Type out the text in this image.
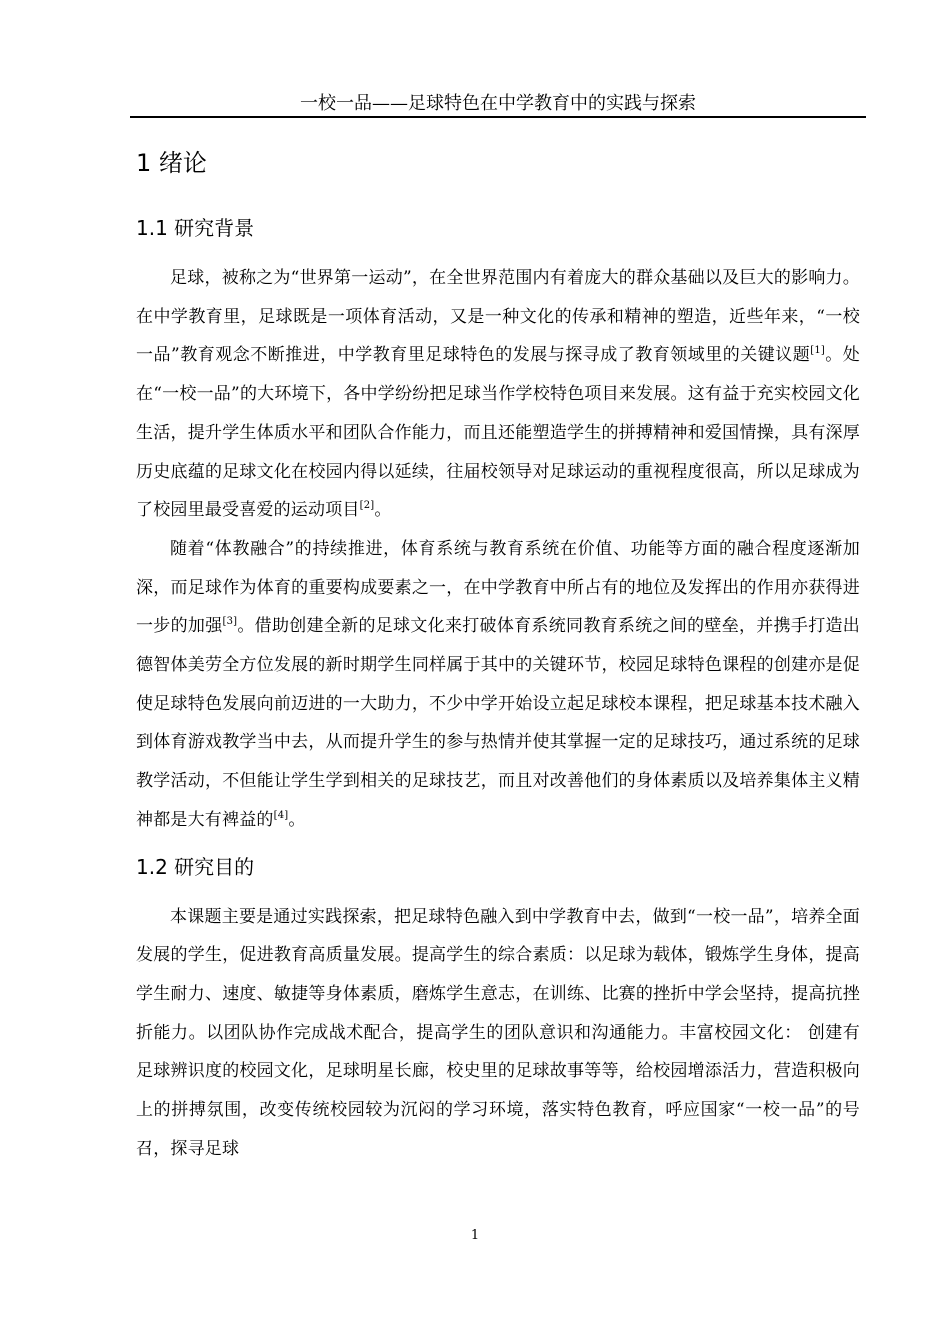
一校一品——足球特色在中学教育中的实践与探索
1 绪论
1.1 研究背景

足球，被称之为“世界第一运动”，在全世界范围内有着庞大的群众基础以及巨大的影响力。在中学教育里，足球既是一项体育活动，又是一种文化的传承和精神的塑造，近些年来，“一校一品”教育观念不断推进，中学教育里足球特色的发展与探寻成了教育领域里的关键议题[1]。处在“一校一品”的大环境下，各中学纷纷把足球当作学校特色项目来发展。这有益于充实校园文化生活，提升学生体质水平和团队合作能力，而且还能塑造学生的拼搏精神和爱国情操，具有深厚历史底蕴的足球文化在校园内得以延续，往届校领导对足球运动的重视程度很高，所以足球成为了校园里最受喜爱的运动项目[2]。

随着“体教融合”的持续推进，体育系统与教育系统在价值、功能等方面的融合程度逐渐加深，而足球作为体育的重要构成要素之一，在中学教育中所占有的地位及发挥出的作用亦获得进一步的加强[3]。借助创建全新的足球文化来打破体育系统同教育系统之间的壁垒，并携手打造出德智体美劳全方位发展的新时期学生同样属于其中的关键环节，校园足球特色课程的创建亦是促使足球特色发展向前迈进的一大助力，不少中学开始设立起足球校本课程，把足球基本技术融入到体育游戏教学当中去，从而提升学生的参与热情并使其掌握一定的足球技巧，通过系统的足球教学活动，不但能让学生学到相关的足球技艺，而且对改善他们的身体素质以及培养集体主义精神都是大有裨益的[4]。

1.2 研究目的

本课题主要是通过实践探索，把足球特色融入到中学教育中去，做到“一校一品”，培养全面发展的学生，促进教育高质量发展。提高学生的综合素质：以足球为载体，锻炼学生身体，提高学生耐力、速度、敏捷等身体素质，磨炼学生意志，在训练、比赛的挫折中学会坚持，提高抗挫折能力。以团队协作完成战术配合，提高学生的团队意识和沟通能力。丰富校园文化： 创建有足球辨识度的校园文化，足球明星长廊，校史里的足球故事等等，给校园增添活力，营造积极向上的拼搏氛围，改变传统校园较为沉闷的学习环境，落实特色教育，呼应国家“一校一品”的号召，探寻足球

1
